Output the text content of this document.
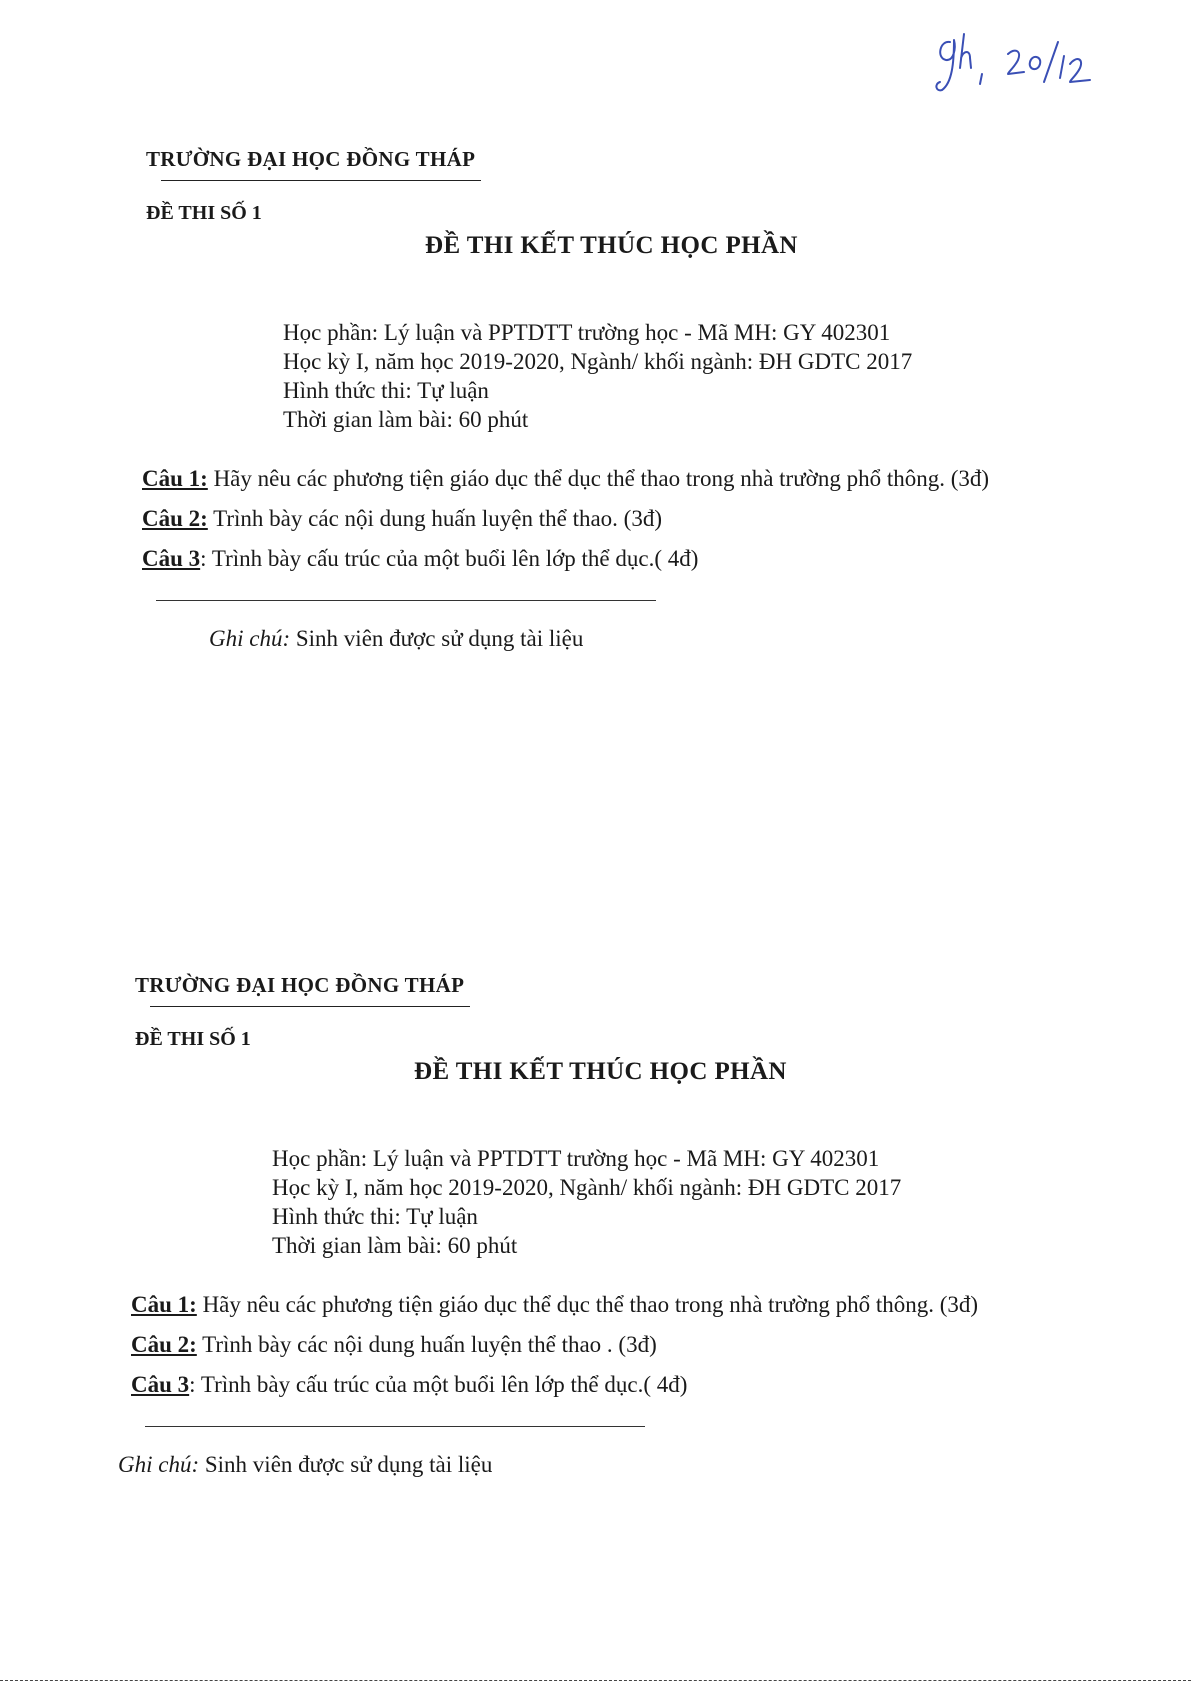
TRƯỜNG ĐẠI HỌC ĐỒNG THÁP
ĐỀ THI SỐ 1
ĐỀ THI KẾT THÚC HỌC PHẦN
Học phần: Lý luận và PPTDTT trường học - Mã MH: GY 402301
Học kỳ I, năm học 2019-2020, Ngành/ khối ngành: ĐH GDTC 2017
Hình thức thi: Tự luận
Thời gian làm bài: 60 phút
Câu 1: Hãy nêu các phương tiện giáo dục thể dục thể thao trong nhà trường phổ thông. (3đ)
Câu 2: Trình bày các nội dung huấn luyện thể thao. (3đ)
Câu 3: Trình bày cấu trúc của một buổi lên lớp thể dục.( 4đ)
Ghi chú: Sinh viên được sử dụng tài liệu
TRƯỜNG ĐẠI HỌC ĐỒNG THÁP
ĐỀ THI SỐ 1
ĐỀ THI KẾT THÚC HỌC PHẦN
Học phần: Lý luận và PPTDTT trường học - Mã MH: GY 402301
Học kỳ I, năm học 2019-2020, Ngành/ khối ngành: ĐH GDTC 2017
Hình thức thi: Tự luận
Thời gian làm bài: 60 phút
Câu 1: Hãy nêu các phương tiện giáo dục thể dục thể thao trong nhà trường phổ thông. (3đ)
Câu 2: Trình bày các nội dung huấn luyện thể thao . (3đ)
Câu 3: Trình bày cấu trúc của một buổi lên lớp thể dục.( 4đ)
Ghi chú: Sinh viên được sử dụng tài liệu
